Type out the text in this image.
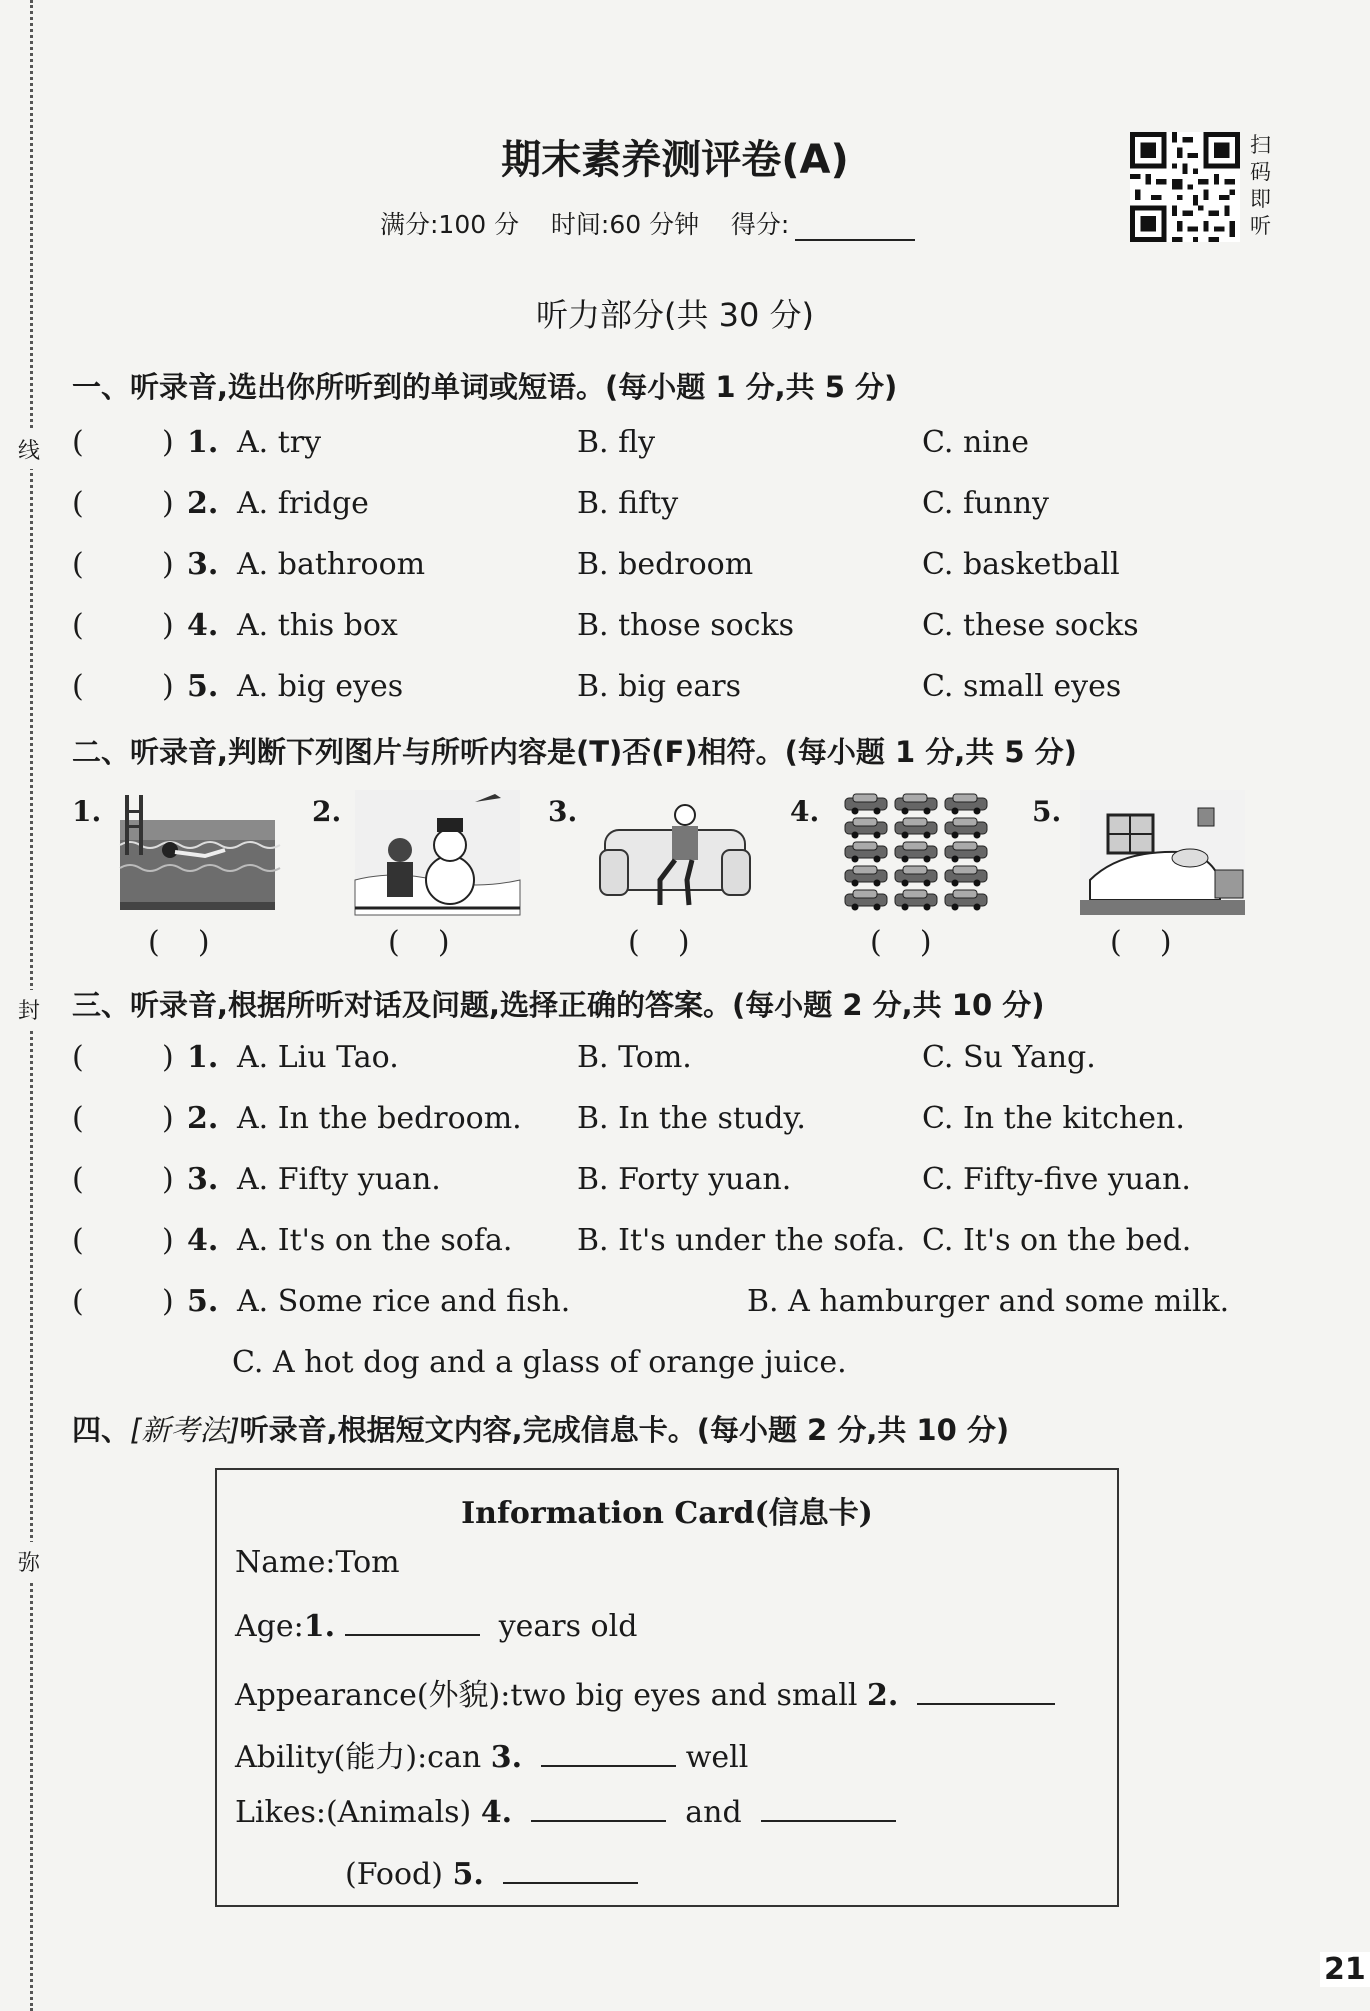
线
封
弥
期末素养测评卷(A)
满分:100 分 时间:60 分钟 得分:
扫码即听
听力部分(共 30 分)
一、听录音,选出你所听到的单词或短语。(每小题 1 分,共 5 分)
(	) 1. A. try	B. fly	C. nine
(	) 2. A. fridge	B. fifty	C. funny
(	) 3. A. bathroom	B. bedroom	C. basketball
(	) 4. A. this box	B. those socks	C. these socks
(	) 5. A. big eyes	B. big ears	C. small eyes
二、听录音,判断下列图片与所听内容是(T)否(F)相符。(每小题 1 分,共 5 分)
1.
( )
2.
( )
3.
( )
4.
( )
5.
( )
三、听录音,根据所听对话及问题,选择正确的答案。(每小题 2 分,共 10 分)
(	) 1. A. Liu Tao.	B. Tom.	C. Su Yang.
(	) 2. A. In the bedroom. B. In the study.	C. In the kitchen.
(	) 3. A. Fifty yuan.	B. Forty yuan.	C. Fifty-five yuan.
(	) 4. A. It's on the sofa. B. It's under the sofa. C. It's on the bed.
(	) 5. A. Some rice and fish.	B. A hamburger and some milk.
C. A hot dog and a glass of orange juice.
四、[新考法]听录音,根据短文内容,完成信息卡。(每小题 2 分,共 10 分)
Information Card(信息卡)
Name:Tom
Age:1.	years old
Appearance(外貌):two big eyes and small 2.
Ability(能力):can 3.	well
Likes:(Animals) 4.	and
(Food) 5.
21
